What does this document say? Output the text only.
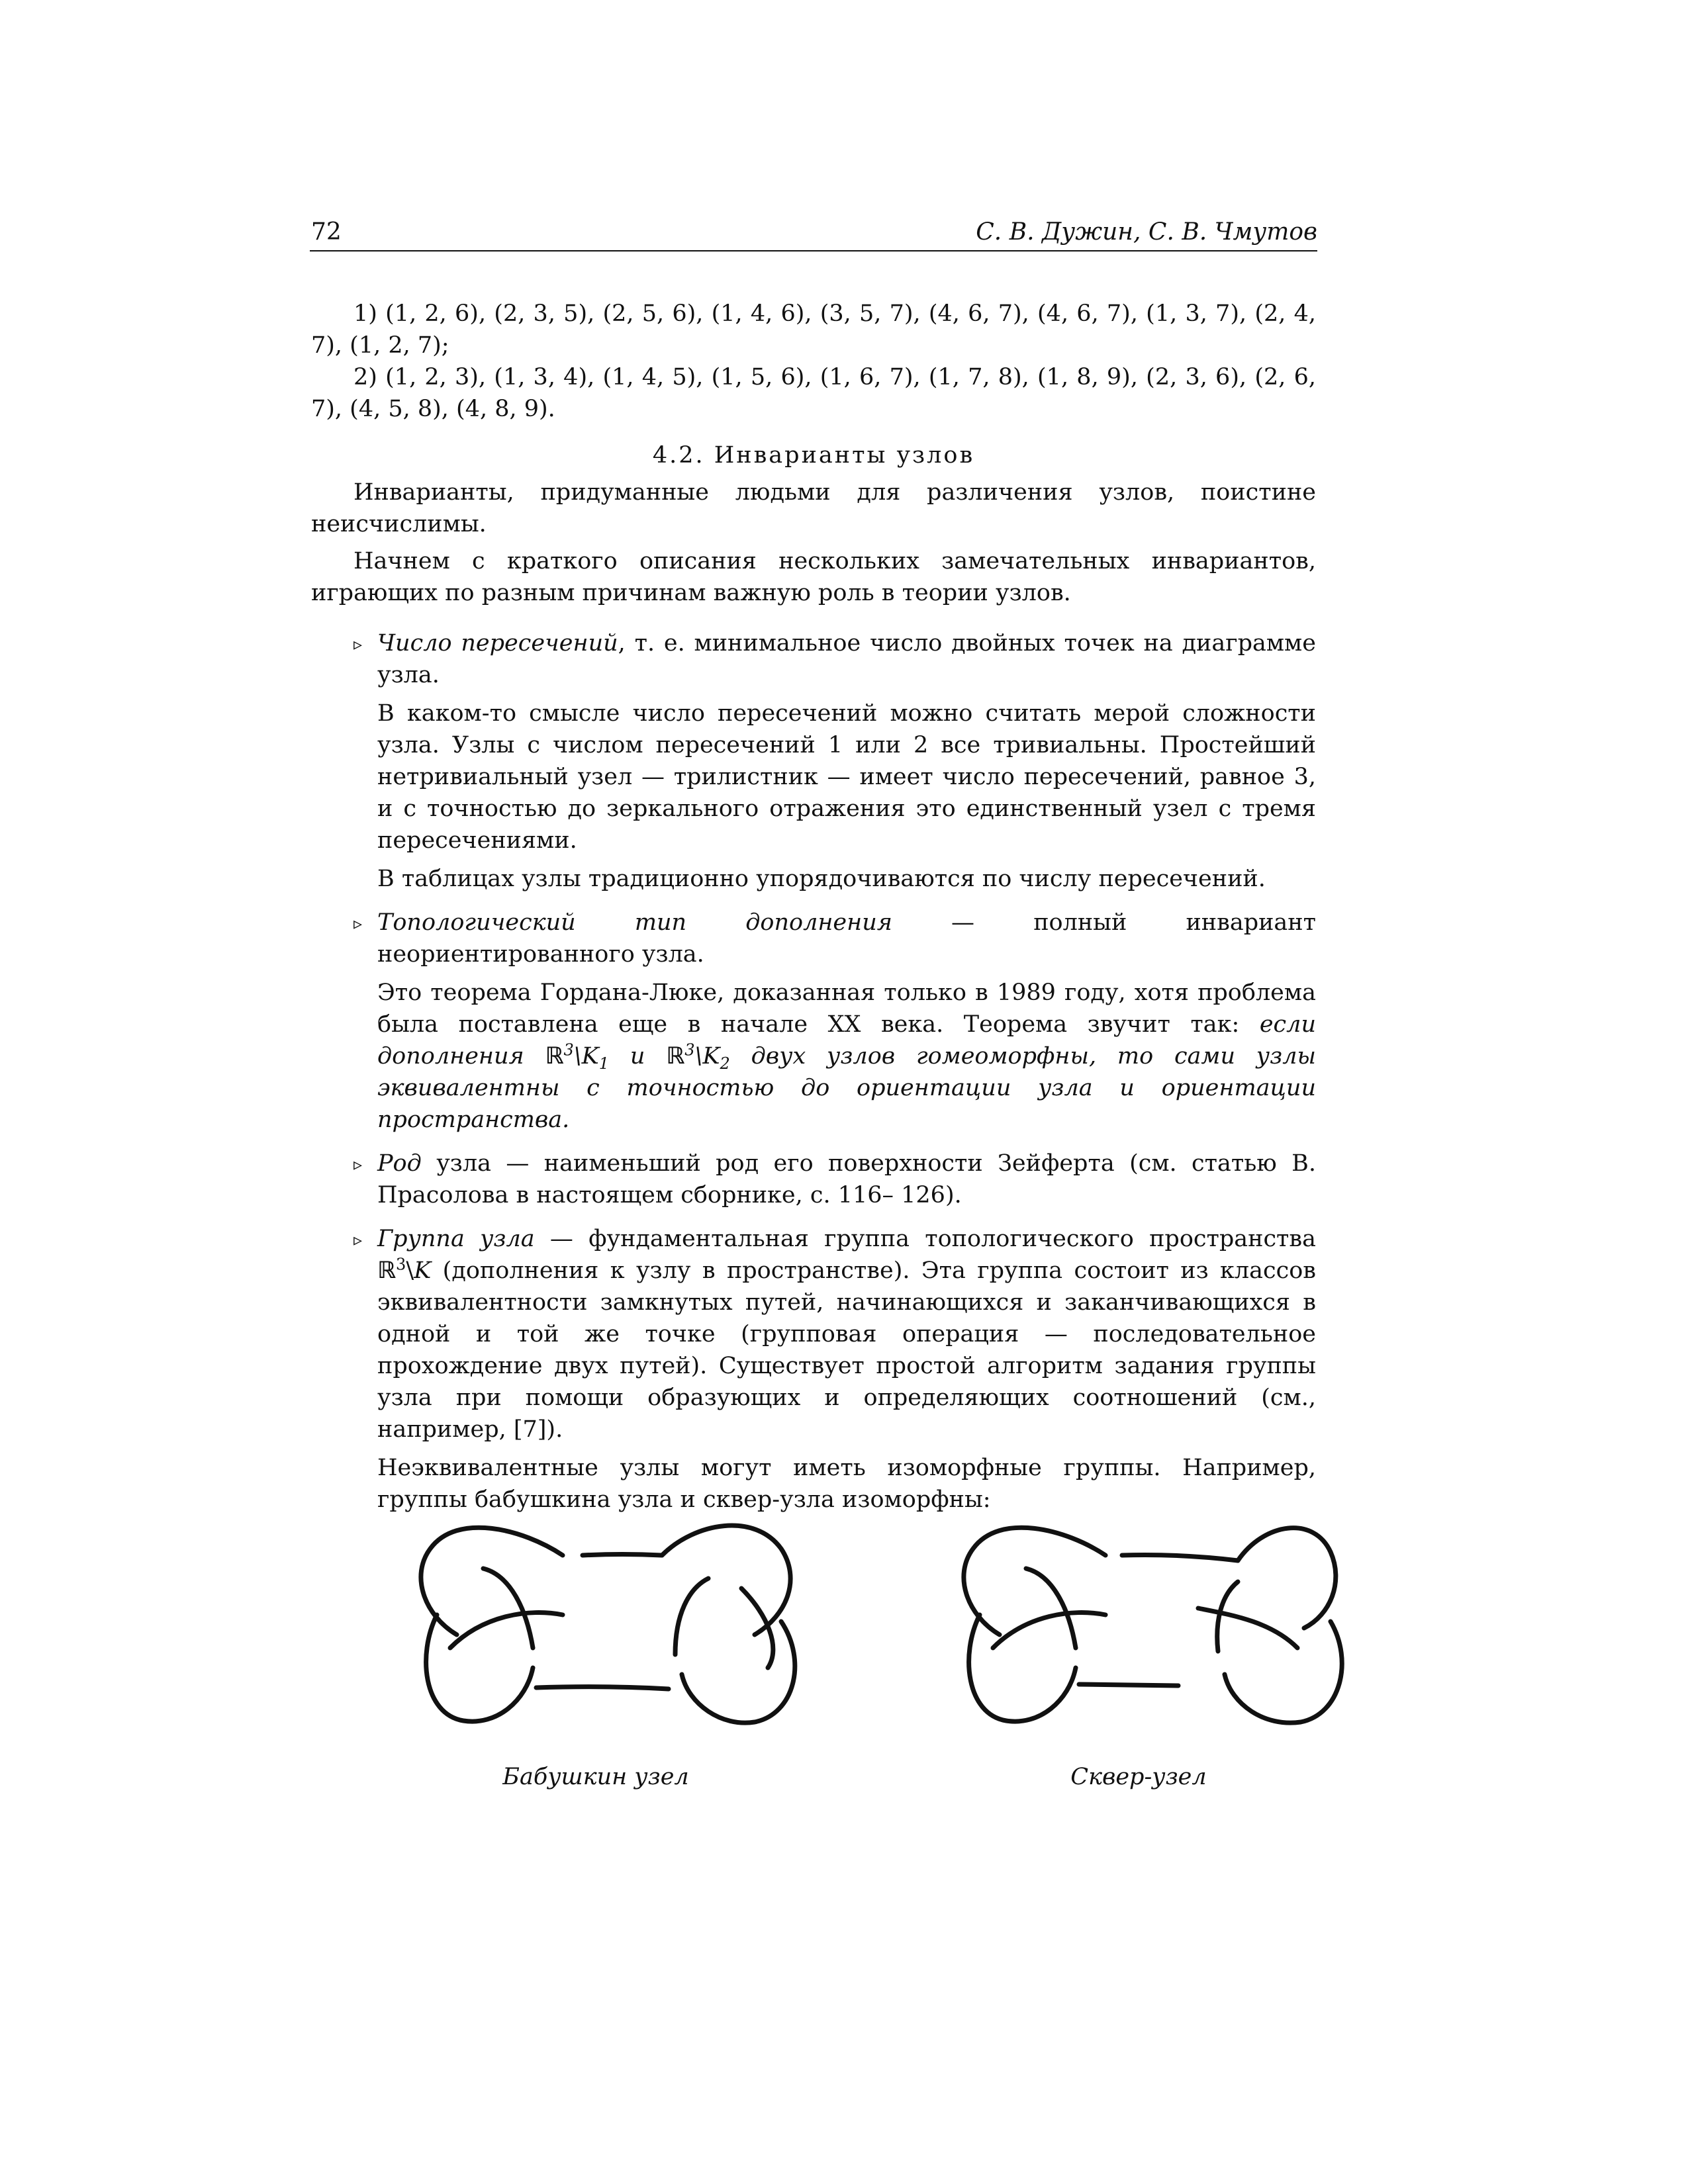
72	С. В. Дужин, С. В. Чмутов

1) (1, 2, 6), (2, 3, 5), (2, 5, 6), (1, 4, 6), (3, 5, 7), (4, 6, 7), (4, 6, 7), (1, 3, 7), (2, 4, 7), (1, 2, 7);

2) (1, 2, 3), (1, 3, 4), (1, 4, 5), (1, 5, 6), (1, 6, 7), (1, 7, 8), (1, 8, 9), (2, 3, 6), (2, 6, 7), (4, 5, 8), (4, 8, 9).

4.2. Инварианты узлов

Инварианты, придуманные людьми для различения узлов, поистине неисчислимы.

Начнем с краткого описания нескольких замечательных инвариантов, играющих по разным причинам важную роль в теории узлов.

▹ Число пересечений, т. е. минимальное число двойных точек на диаграмме узла.

В каком-то смысле число пересечений можно считать мерой сложности узла. Узлы с числом пересечений 1 или 2 все тривиальны. Простейший нетривиальный узел — трилистник — имеет число пересечений, равное 3, и с точностью до зеркального отражения это единственный узел с тремя пересечениями.

В таблицах узлы традиционно упорядочиваются по числу пересечений.

▹ Топологический тип дополнения — полный инвариант неориентированного узла.

Это теорема Гордана-Люке, доказанная только в 1989 году, хотя проблема была поставлена еще в начале XX века. Теорема звучит так: если дополнения $ℝ^3\backslash K_1$ и $ℝ^3\backslash K_2$ двух узлов гомеоморфны, то сами узлы эквивалентны с точностью до ориентации узла и ориентации пространства.

▹ Род узла — наименьший род его поверхности Зейферта (см. статью В. Прасолова в настоящем сборнике, с. 116– 126).

▹ Группа узла — фундаментальная группа топологического пространства ℝ$^3$\K (дополнения к узлу в пространстве). Эта группа состоит из классов эквивалентности замкнутых путей, начинающихся и заканчивающихся в одной и той же точке (групповая операция — последовательное прохождение двух путей). Существует простой алгоритм задания группы узла при помощи образующих и определяющих соотношений (см., например, [7]).

Неэквивалентные узлы могут иметь изоморфные группы. Например, группы бабушкина узла и сквер-узла изоморфны:

Бабушкин узел	Сквер-узел
